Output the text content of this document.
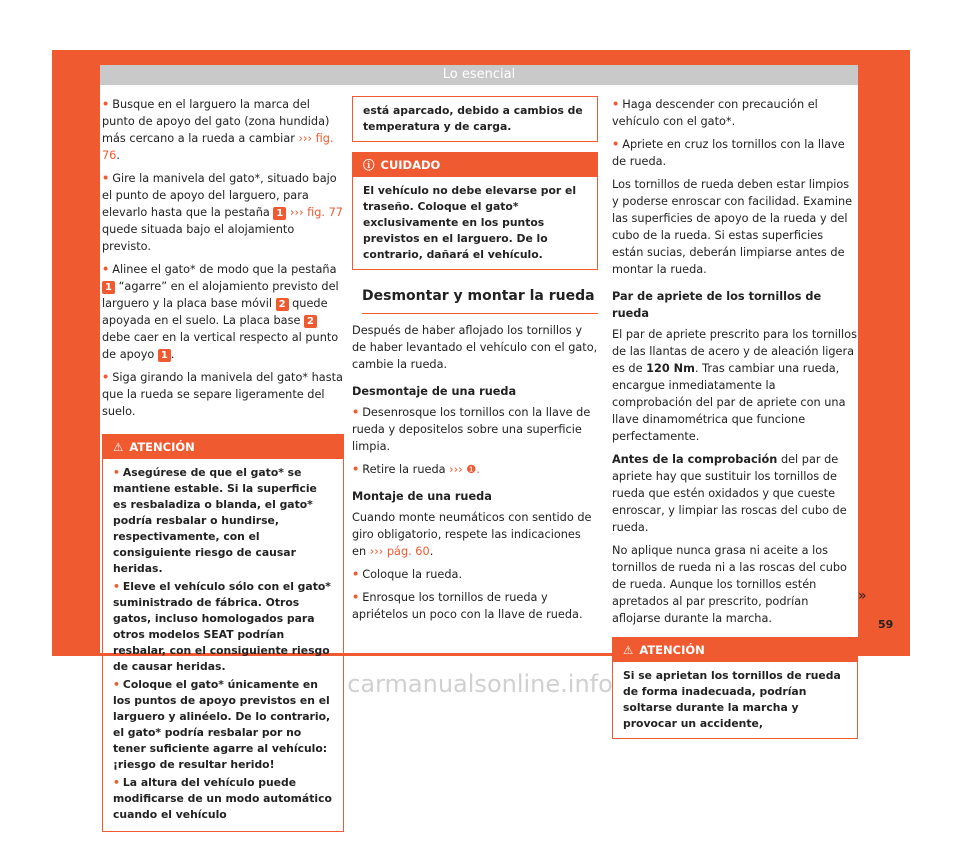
Lo esencial

• Busque en el larguero la marca del punto de apoyo del gato (zona hundida) más cercano a la rueda a cambiar ››› fig. 76.

• Gire la manivela del gato*, situado bajo el punto de apoyo del larguero, para elevarlo hasta que la pestaña 1 ››› fig. 77 quede situada bajo el alojamiento previsto.

• Alinee el gato* de modo que la pestaña 1 “agarre” en el alojamiento previsto del larguero y la placa base móvil 2 quede apoyada en el suelo. La placa base 2 debe caer en la vertical respecto al punto de apoyo 1 .

• Siga girando la manivela del gato* hasta que la rueda se separe ligeramente del suelo.

⚠ ATENCIÓN

• Asegúrese de que el gato* se mantiene estable. Si la superficie es resbaladiza o blanda, el gato* podría resbalar o hundirse, respectivamente, con el consiguiente riesgo de causar heridas.

• Eleve el vehículo sólo con el gato* suministrado de fábrica. Otros gatos, incluso homologados para otros modelos SEAT podrían resbalar, con el consiguiente riesgo de causar heridas.

• Coloque el gato* únicamente en los puntos de apoyo previstos en el larguero y alinéelo. De lo contrario, el gato* podría resbalar por no tener suficiente agarre al vehículo: ¡riesgo de resultar herido!

• La altura del vehículo puede modificarse de un modo automático cuando el vehículo

está aparcado, debido a cambios de temperatura y de carga.
ⓘ CUIDADO
El vehículo no debe elevarse por el traseño. Coloque el gato* exclusivamente en los puntos previstos en el larguero. De lo contrario, dañará el vehículo.
Desmontar y montar la rueda

Después de haber aflojado los tornillos y de haber levantado el vehículo con el gato, cambie la rueda.

Desmontaje de una rueda

• Desenrosque los tornillos con la llave de rueda y depositelos sobre una superficie limpia.

• Retire la rueda ››› ❶.

Montaje de una rueda

Cuando monte neumáticos con sentido de giro obligatorio, respete las indicaciones en ››› pág. 60.

• Coloque la rueda.

• Enrosque los tornillos de rueda y apriételos un poco con la llave de rueda.

• Haga descender con precaución el vehículo con el gato*.

• Apriete en cruz los tornillos con la llave de rueda.

Los tornillos de rueda deben estar limpios y poderse enroscar con facilidad. Examine las superficies de apoyo de la rueda y del cubo de la rueda. Si estas superficies están sucias, deberán limpiarse antes de montar la rueda.

Par de apriete de los tornillos de rueda

El par de apriete prescrito para los tornillos de las llantas de acero y de aleación ligera es de 120 Nm. Tras cambiar una rueda, encargue inmediatamente la comprobación del par de apriete con una llave dinamométrica que funcione perfectamente.

Antes de la comprobación del par de apriete hay que sustituir los tornillos de rueda que estén oxidados y que cueste enroscar, y limpiar las roscas del cubo de rueda.

No aplique nunca grasa ni aceite a los tornillos de rueda ni a las roscas del cubo de rueda. Aunque los tornillos estén apretados al par prescrito, podrían aflojarse durante la marcha.

⚠ ATENCIÓN
Si se aprietan los tornillos de rueda de forma inadecuada, podrían soltarse durante la marcha y provocar un accidente,
»
59
carmanualsonline.info
